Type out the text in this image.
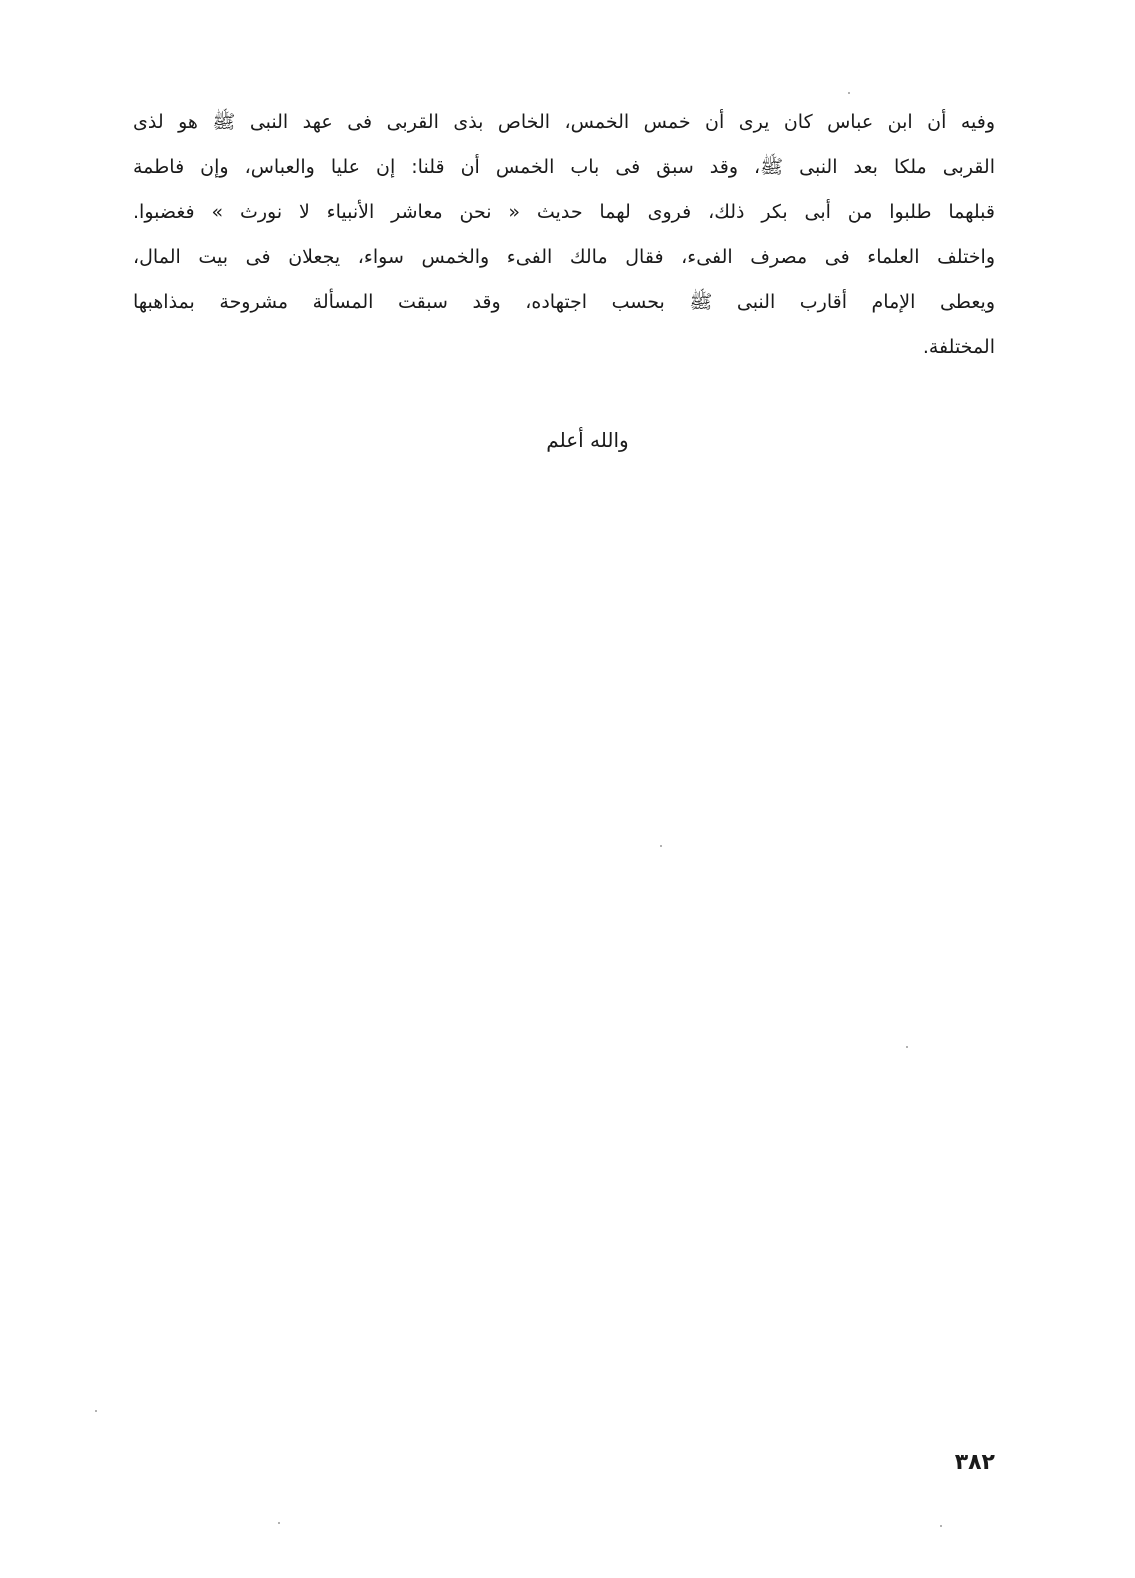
وفيه أن ابن عباس كان يرى أن خمس الخمس، الخاص بذى القربى فى عهد النبى ﷺ هو لذى
القربى ملكا بعد النبى ﷺ، وقد سبق فى باب الخمس أن قلنا: إن عليا والعباس، وإن فاطمة
قبلهما طلبوا من أبى بكر ذلك، فروى لهما حديث « نحن معاشر الأنبياء لا نورث » فغضبوا.
واختلف العلماء فى مصرف الفىء، فقال مالك الفىء والخمس سواء، يجعلان فى بيت المال،
ويعطى الإمام أقارب النبى ﷺ بحسب اجتهاده، وقد سبقت المسألة مشروحة بمذاهبها
المختلفة.
والله أعلم
٣٨٢
